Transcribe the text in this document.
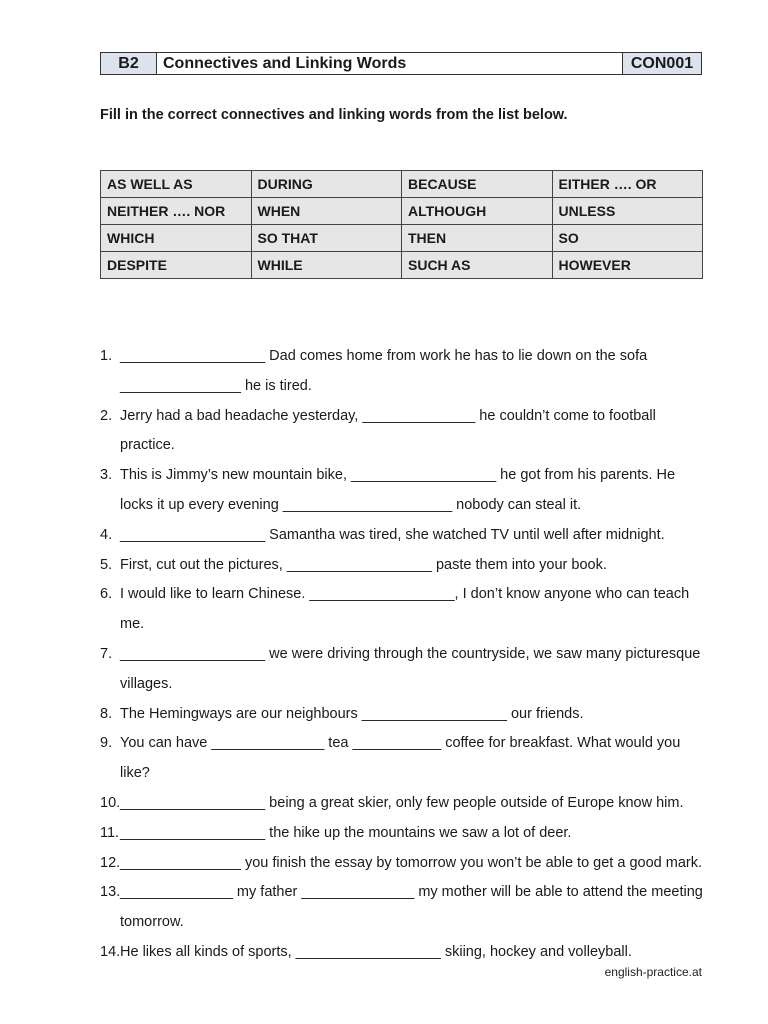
B2	Connectives and Linking Words	CON001
Fill in the correct connectives and linking words from the list below.
AS WELL AS	DURING	BECAUSE	EITHER …. OR
NEITHER …. NOR	WHEN	ALTHOUGH	UNLESS
WHICH	SO THAT	THEN	SO
DESPITE	WHILE	SUCH AS	HOWEVER
1. __________________ Dad comes home from work he has to lie down on the sofa _______________ he is tired.
2. Jerry had a bad headache yesterday, ______________ he couldn’t come to football practice.
3. This is Jimmy’s new mountain bike, __________________ he got from his parents. He locks it up every evening _____________________ nobody can steal it.
4. __________________ Samantha was tired, she watched TV until well after midnight.
5. First, cut out the pictures, __________________ paste them into your book.
6. I would like to learn Chinese. __________________, I don’t know anyone who can teach me.
7. __________________ we were driving through the countryside, we saw many picturesque villages.
8. The Hemingways are our neighbours __________________ our friends.
9. You can have ______________ tea ___________ coffee for breakfast. What would you like?
10. __________________ being a great skier, only few people outside of Europe know him.
11. __________________ the hike up the mountains we saw a lot of deer.
12. _______________ you finish the essay by tomorrow you won’t be able to get a good mark.
13. ______________ my father ______________ my mother will be able to attend the meeting tomorrow.
14. He likes all kinds of sports, __________________ skiing, hockey and volleyball.
english-practice.at
